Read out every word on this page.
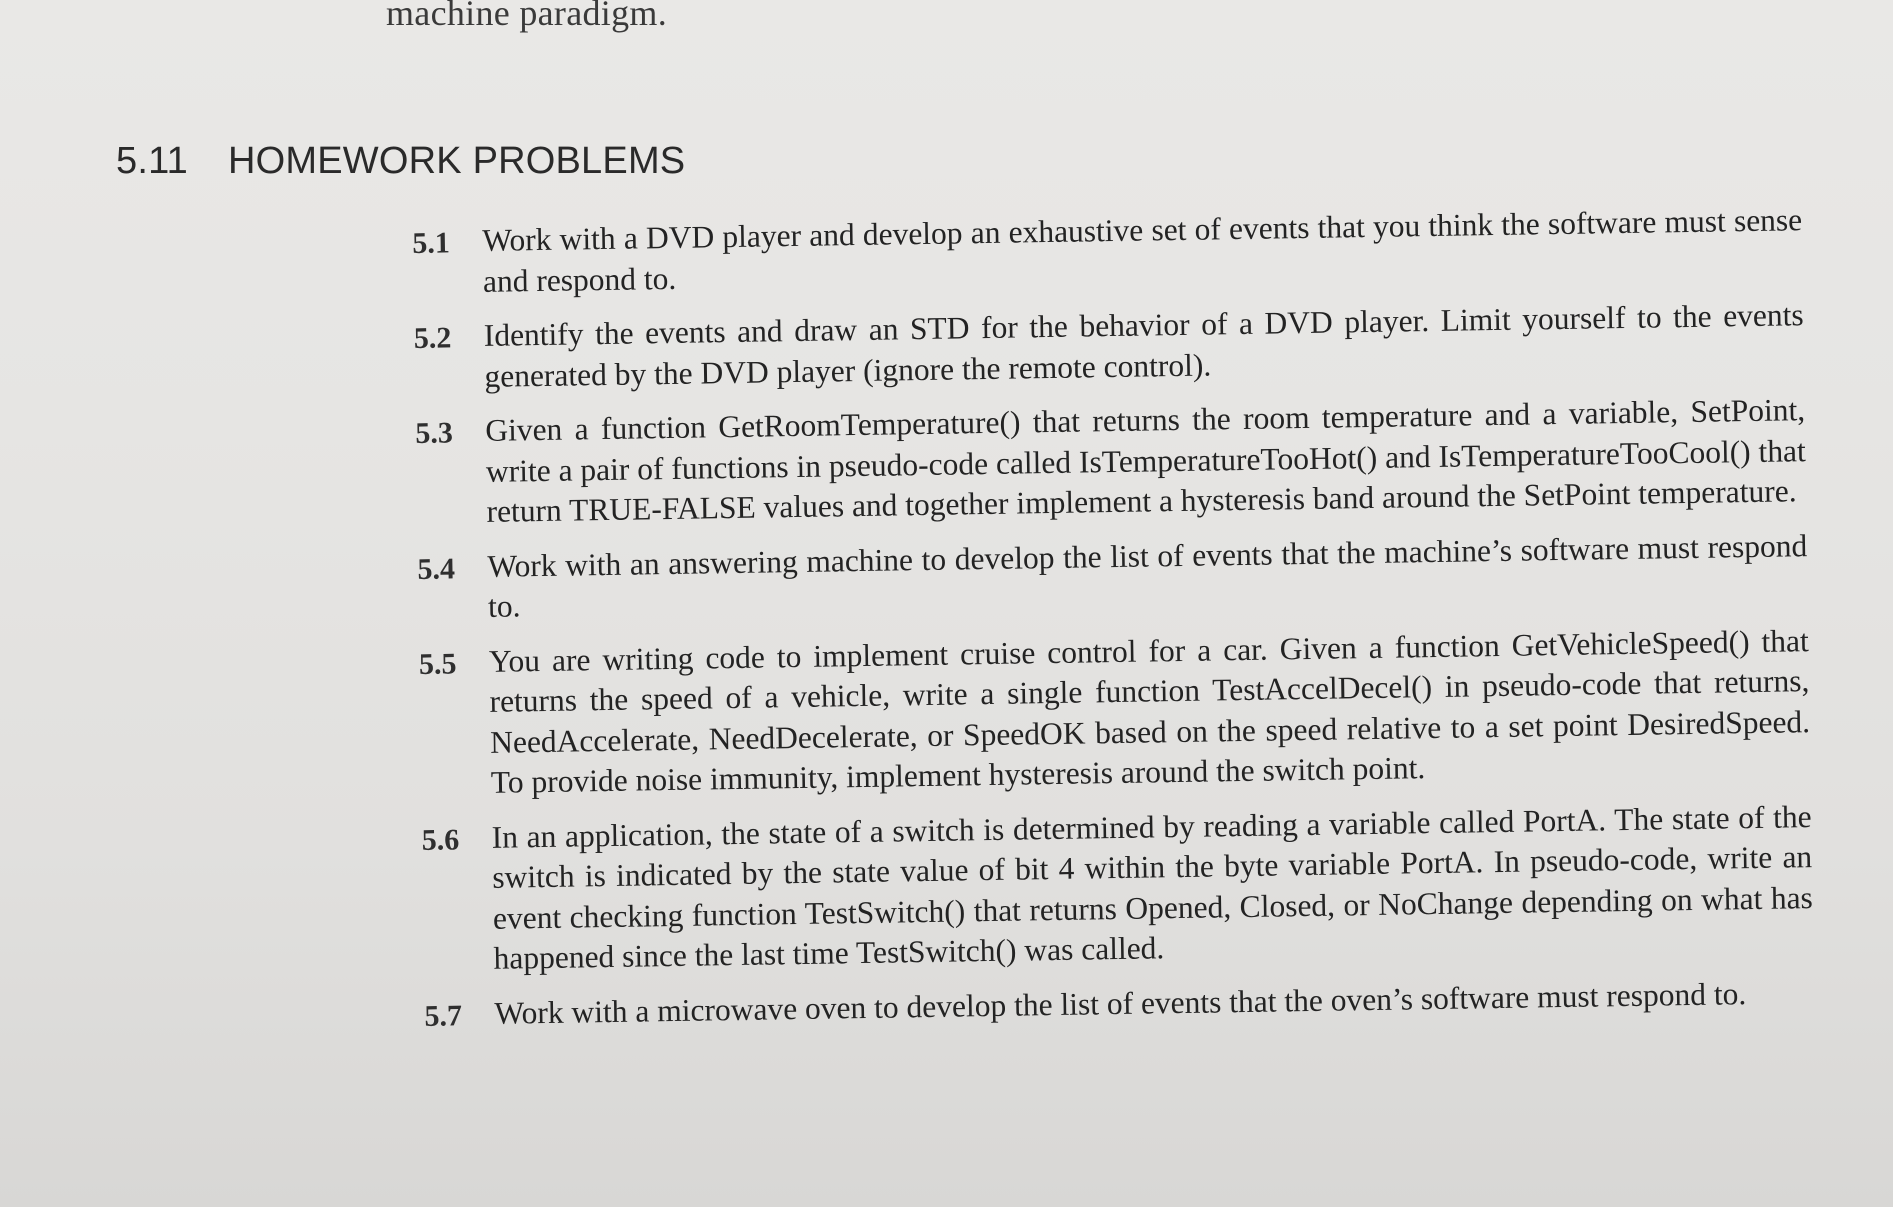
machine paradigm.
5.11 HOMEWORK PROBLEMS
5.1	Work with a DVD player and develop an exhaustive set of events that you think the software must sense and respond to.
5.2	Identify the events and draw an STD for the behavior of a DVD player. Limit yourself to the events generated by the DVD player (ignore the remote control).
5.3	Given a function GetRoomTemperature() that returns the room temperature and a variable, SetPoint, write a pair of functions in pseudo-code called IsTemperatureTooHot() and IsTemperatureTooCool() that return TRUE-FALSE values and together implement a hysteresis band around the SetPoint temperature.
5.4	Work with an answering machine to develop the list of events that the machine’s software must respond to.
5.5	You are writing code to implement cruise control for a car. Given a function GetVehicleSpeed() that returns the speed of a vehicle, write a single function TestAccelDecel() in pseudo-code that returns, NeedAccelerate, NeedDecelerate, or SpeedOK based on the speed relative to a set point DesiredSpeed. To provide noise immunity, implement hysteresis around the switch point.
5.6	In an application, the state of a switch is determined by reading a variable called PortA. The state of the switch is indicated by the state value of bit 4 within the byte variable PortA. In pseudo-code, write an event checking function TestSwitch() that returns Opened, Closed, or NoChange depending on what has happened since the last time TestSwitch() was called.
5.7	Work with a microwave oven to develop the list of events that the oven’s software must respond to.
